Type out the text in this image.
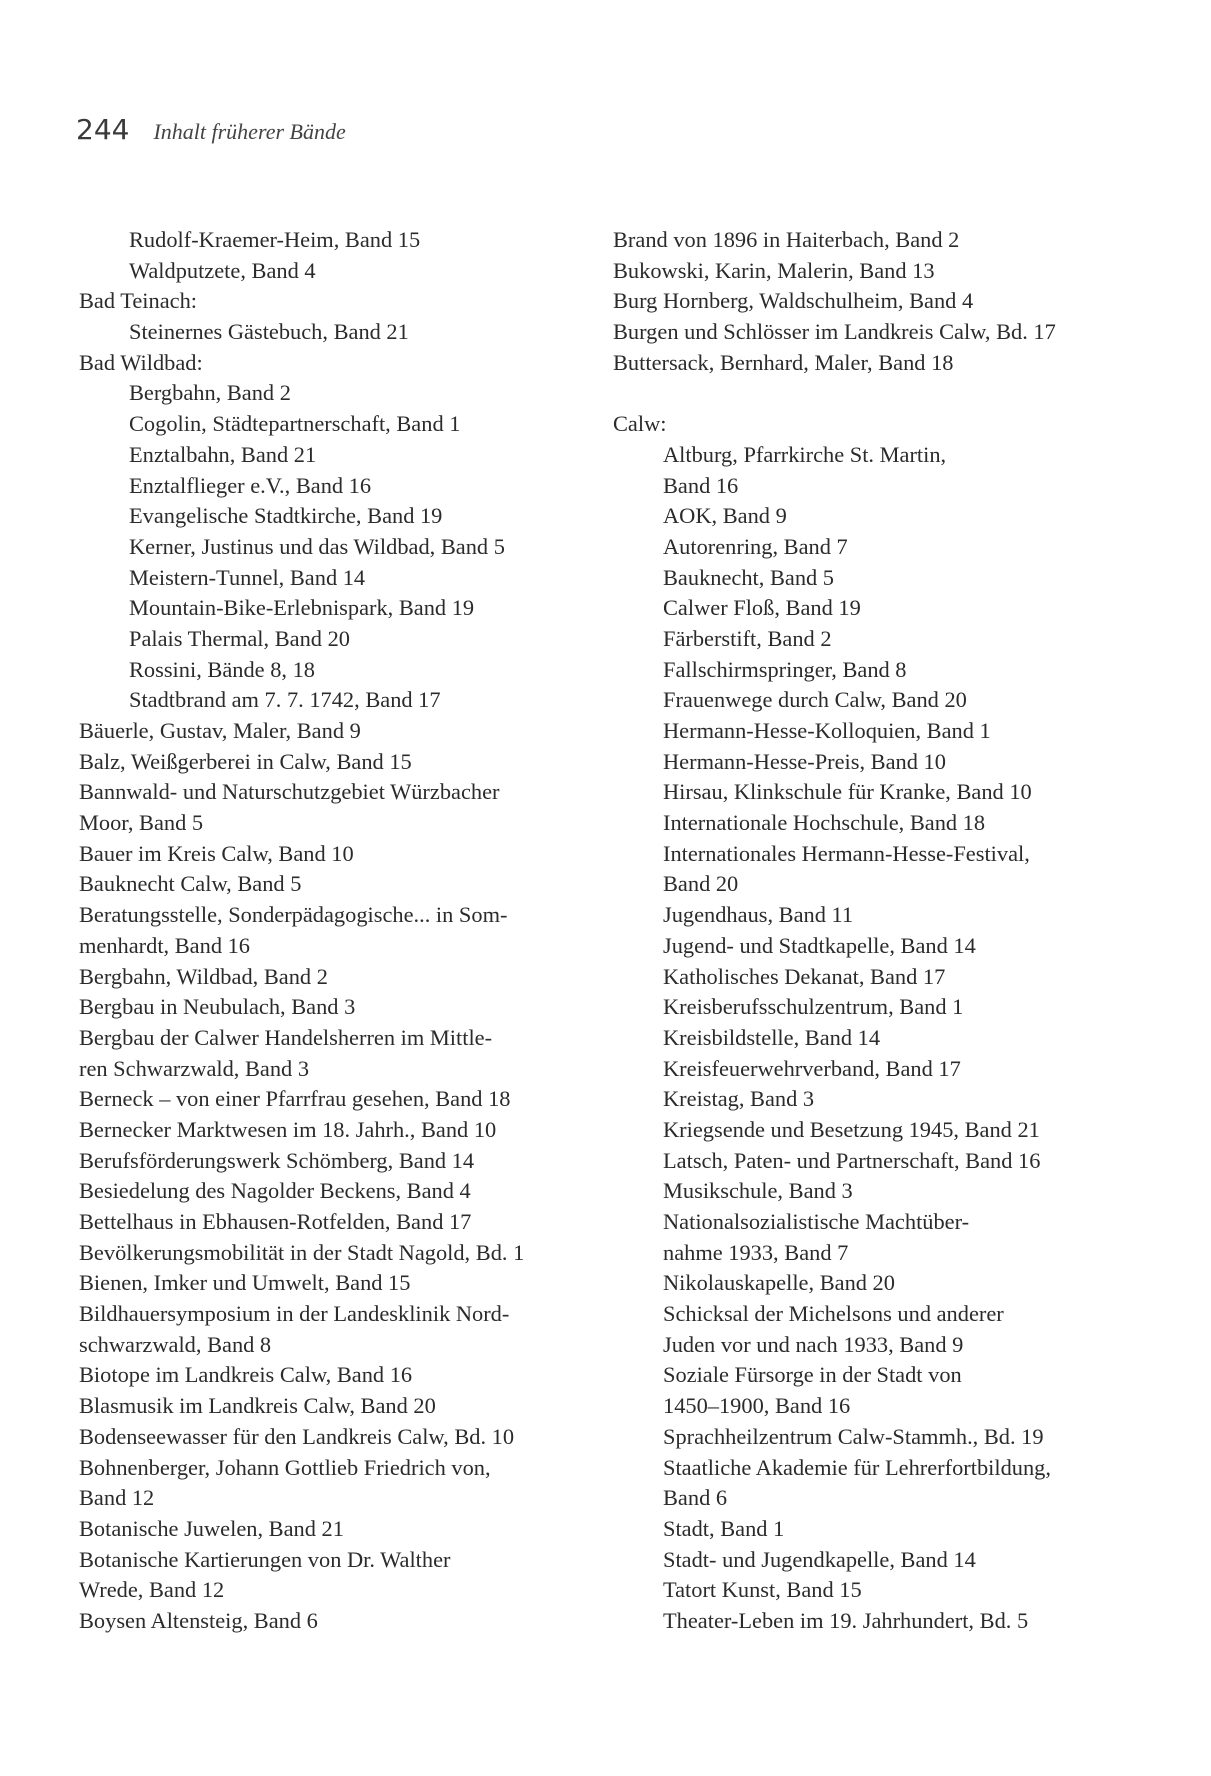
244 Inhalt früherer Bände
Rudolf-Kraemer-Heim, Band 15
Waldputzete, Band 4
Bad Teinach:
Steinernes Gästebuch, Band 21
Bad Wildbad:
Bergbahn, Band 2
Cogolin, Städtepartnerschaft, Band 1
Enztalbahn, Band 21
Enztalflieger e.V., Band 16
Evangelische Stadtkirche, Band 19
Kerner, Justinus und das Wildbad, Band 5
Meistern-Tunnel, Band 14
Mountain-Bike-Erlebnispark, Band 19
Palais Thermal, Band 20
Rossini, Bände 8, 18
Stadtbrand am 7. 7. 1742, Band 17
Bäuerle, Gustav, Maler, Band 9
Balz, Weißgerberei in Calw, Band 15
Bannwald- und Naturschutzgebiet Würzbacher
Moor, Band 5
Bauer im Kreis Calw, Band 10
Bauknecht Calw, Band 5
Beratungsstelle, Sonderpädagogische... in Som-
menhardt, Band 16
Bergbahn, Wildbad, Band 2
Bergbau in Neubulach, Band 3
Bergbau der Calwer Handelsherren im Mittle-
ren Schwarzwald, Band 3
Berneck – von einer Pfarrfrau gesehen, Band 18
Bernecker Marktwesen im 18. Jahrh., Band 10
Berufsförderungswerk Schömberg, Band 14
Besiedelung des Nagolder Beckens, Band 4
Bettelhaus in Ebhausen-Rotfelden, Band 17
Bevölkerungsmobilität in der Stadt Nagold, Bd. 1
Bienen, Imker und Umwelt, Band 15
Bildhauersymposium in der Landesklinik Nord-
schwarzwald, Band 8
Biotope im Landkreis Calw, Band 16
Blasmusik im Landkreis Calw, Band 20
Bodenseewasser für den Landkreis Calw, Bd. 10
Bohnenberger, Johann Gottlieb Friedrich von,
Band 12
Botanische Juwelen, Band 21
Botanische Kartierungen von Dr. Walther
Wrede, Band 12
Boysen Altensteig, Band 6
Brand von 1896 in Haiterbach, Band 2
Bukowski, Karin, Malerin, Band 13
Burg Hornberg, Waldschulheim, Band 4
Burgen und Schlösser im Landkreis Calw, Bd. 17
Buttersack, Bernhard, Maler, Band 18
Calw:
Altburg, Pfarrkirche St. Martin,
Band 16
AOK, Band 9
Autorenring, Band 7
Bauknecht, Band 5
Calwer Floß, Band 19
Färberstift, Band 2
Fallschirmspringer, Band 8
Frauenwege durch Calw, Band 20
Hermann-Hesse-Kolloquien, Band 1
Hermann-Hesse-Preis, Band 10
Hirsau, Klinkschule für Kranke, Band 10
Internationale Hochschule, Band 18
Internationales Hermann-Hesse-Festival,
Band 20
Jugendhaus, Band 11
Jugend- und Stadtkapelle, Band 14
Katholisches Dekanat, Band 17
Kreisberufsschulzentrum, Band 1
Kreisbildstelle, Band 14
Kreisfeuerwehrverband, Band 17
Kreistag, Band 3
Kriegsende und Besetzung 1945, Band 21
Latsch, Paten- und Partnerschaft, Band 16
Musikschule, Band 3
Nationalsozialistische Machtüber-
nahme 1933, Band 7
Nikolauskapelle, Band 20
Schicksal der Michelsons und anderer
Juden vor und nach 1933, Band 9
Soziale Fürsorge in der Stadt von
1450–1900, Band 16
Sprachheilzentrum Calw-Stammh., Bd. 19
Staatliche Akademie für Lehrerfortbildung,
Band 6
Stadt, Band 1
Stadt- und Jugendkapelle, Band 14
Tatort Kunst, Band 15
Theater-Leben im 19. Jahrhundert, Bd. 5
